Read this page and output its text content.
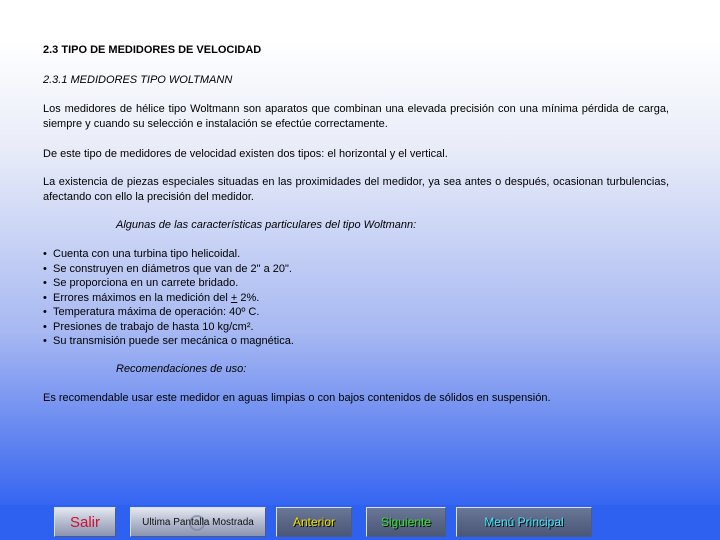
2.3 TIPO DE MEDIDORES DE VELOCIDAD
2.3.1 MEDIDORES TIPO WOLTMANN
Los medidores de hélice tipo Woltmann son aparatos que combinan una elevada precisión con una mínima pérdida de carga, siempre y cuando su selección e instalación se efectúe correctamente.
De este tipo de medidores de velocidad existen dos tipos: el horizontal y el vertical.
La existencia de piezas especiales situadas en las proximidades del medidor, ya sea antes o después, ocasionan turbulencias, afectando con ello la precisión del medidor.
Algunas de las características particulares del tipo Woltmann:
• Cuenta con una turbina tipo helicoidal.
• Se construyen en diámetros que van de 2" a 20".
• Se proporciona en un carrete bridado.
• Errores máximos en la medición del + 2%.
• Temperatura máxima de operación: 40º C.
• Presiones de trabajo de hasta 10 kg/cm².
• Su transmisión puede ser mecánica o magnética.
Recomendaciones de uso:
Es recomendable usar este medidor en aguas limpias o con bajos contenidos de sólidos en suspensión.
Salir	Ultima Pantalla Mostrada	Anterior	Siguiente	Menú Principal
